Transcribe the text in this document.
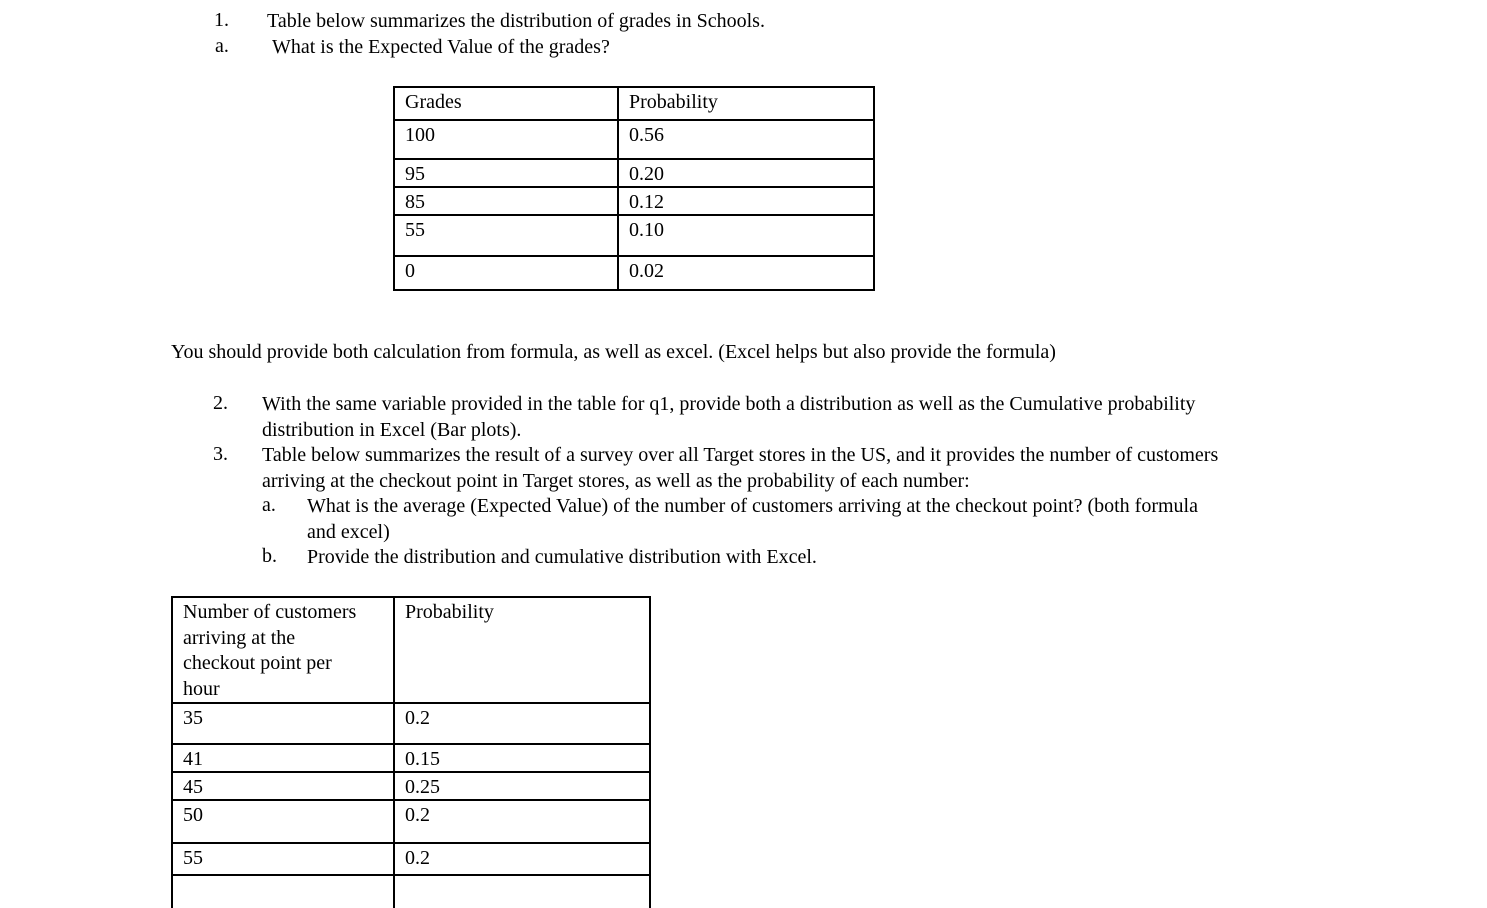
1.	Table below summarizes the distribution of grades in Schools.
a.	What is the Expected Value of the grades?
Grades	Probability
100	0.56
95	0.20
85	0.12
55	0.10
0	0.02
You should provide both calculation from formula, as well as excel. (Excel helps but also provide the formula)
2.	With the same variable provided in the table for q1, provide both a distribution as well as the Cumulative probability
distribution in Excel (Bar plots).
3.	Table below summarizes the result of a survey over all Target stores in the US, and it provides the number of customers
arriving at the checkout point in Target stores, as well as the probability of each number:
a.	What is the average (Expected Value) of the number of customers arriving at the checkout point? (both formula
and excel)
b.	Provide the distribution and cumulative distribution with Excel.
Number of customers
arriving at the
checkout point per
hour	Probability
35	0.2
41	0.15
45	0.25
50	0.2
55	0.2
